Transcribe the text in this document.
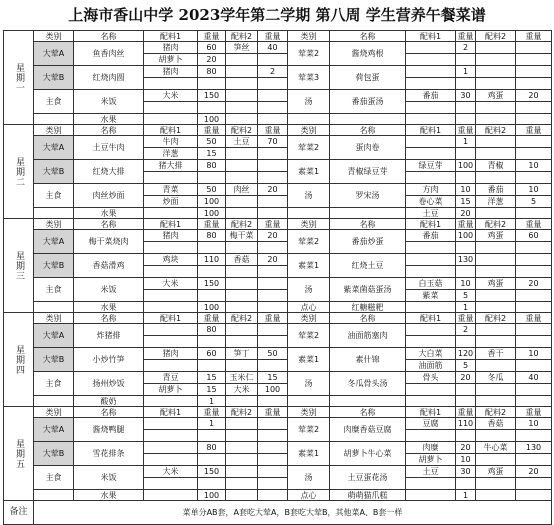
上海市香山中学 2023学年第二学期 第八周 学生营养午餐菜谱
星期一	类别	名称	配料1	重量	配料2	重量	类别	名称	配料1	重量	配料2	重量
	大荤A	鱼香肉丝	猪肉	60	笋丝	40	荤菜2	酱烧鸡根		2		
			胡萝卜	20								
	大荤B	红烧肉圆	猪肉	80		2	荤菜3	荷包蛋		1		

	主食	米饭	大米	150			汤	番茄蛋汤	番茄	30	鸡蛋	20

		水果		100								
星期二	类别	名称	配料1	重量	配料2	重量	类别	名称	配料1	重量	配料2	重量
	大荤A	土豆牛肉	牛肉	50	土豆	70	荤菜2	蛋肉卷		1		
			洋葱	15								
	大荤B	红烧大排	猪大排	80			素菜1	青椒绿豆芽	绿豆芽	100	青椒	10

	主食	肉丝炒面	青菜	50	肉丝	20	汤	罗宋汤	方肉	10	番茄	10
			炒面	100					卷心菜	15	洋葱	5
		水果		100					土豆	20		
星期三	类别	名称	配料1	重量	配料2	重量	类别	名称	配料1	重量	配料2	重量
	大荤A	梅干菜烧肉	猪肉	80	梅干菜	20	荤菜2	番茄炒蛋	番茄	100	鸡蛋	60

	大荤B	香菇滑鸡	鸡块	110	香菇	20	素菜1	红烧土豆		130		

	主食	米饭	大米	150			汤	紫菜菌菇蛋汤	白玉菇	10	鸡蛋	20
									紫菜	5		
		水果		100			点心	红糖糍粑		1		
星期四	类别	名称	配料1	重量	配料2	重量	类别	名称	配料1	重量	配料2	重量
	大荤A	炸猪排		80			荤菜2	油面筋塞肉		2		

	大荤B	小炒竹笋	猪肉	60	笋丁	50	素菜1	素什锦	大白菜	120	香干	10
									油面筋	5		
	主食	扬州炒饭	青豆	15	玉米仁	15	汤	冬瓜骨头汤	骨头	20	冬瓜	40
			胡萝卜	15	大米	100						
		酸奶		1								
星期五	类别	名称	配料1	重量	配料2	重量	类别	名称	配料1	重量	配料2	重量
	大荤A	酱烧鸭腿		1			荤菜2	肉糜香菇豆腐	豆腐	110	香菇	10

	大荤B	雪花排条		80			素菜1	胡萝卜牛心菜	肉糜	20	牛心菜	130
									胡萝卜	10		
	主食	米饭	大米	150			汤	土豆蛋花汤	土豆	30	鸡蛋	20

		水果		100			点心	萌萌猫爪糕		1		
备注	菜单分AB套，A套吃大荤A，B套吃大荤B，其他菜A、B套一样											
